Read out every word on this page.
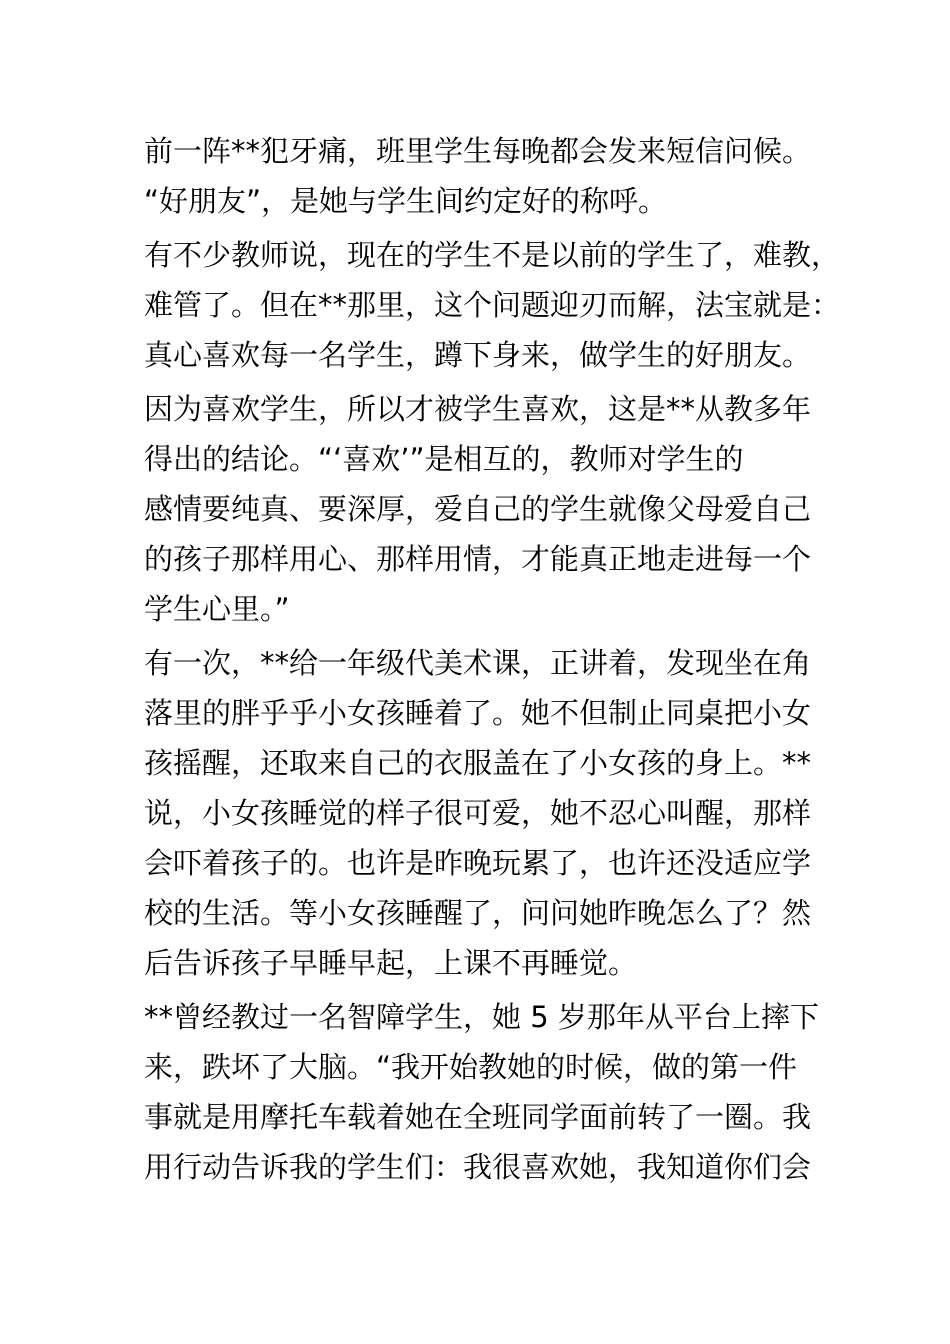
前一阵**犯牙痛，班里学生每晚都会发来短信问候。
“好朋友”，是她与学生间约定好的称呼。
有不少教师说，现在的学生不是以前的学生了，难教，
难管了。但在**那里，这个问题迎刃而解，法宝就是：
真心喜欢每一名学生，蹲下身来，做学生的好朋友。
因为喜欢学生，所以才被学生喜欢，这是**从教多年
得出的结论。“‘喜欢’”是相互的，教师对学生的
感情要纯真、要深厚，爱自己的学生就像父母爱自己
的孩子那样用心、那样用情，才能真正地走进每一个
学生心里。”
有一次，**给一年级代美术课，正讲着，发现坐在角
落里的胖乎乎小女孩睡着了。她不但制止同桌把小女
孩摇醒，还取来自己的衣服盖在了小女孩的身上。**
说，小女孩睡觉的样子很可爱，她不忍心叫醒，那样
会吓着孩子的。也许是昨晚玩累了，也许还没适应学
校的生活。等小女孩睡醒了，问问她昨晚怎么了？然
后告诉孩子早睡早起，上课不再睡觉。
**曾经教过一名智障学生，她 5 岁那年从平台上摔下
来，跌坏了大脑。“我开始教她的时候，做的第一件
事就是用摩托车载着她在全班同学面前转了一圈。我
用行动告诉我的学生们：我很喜欢她，我知道你们会
